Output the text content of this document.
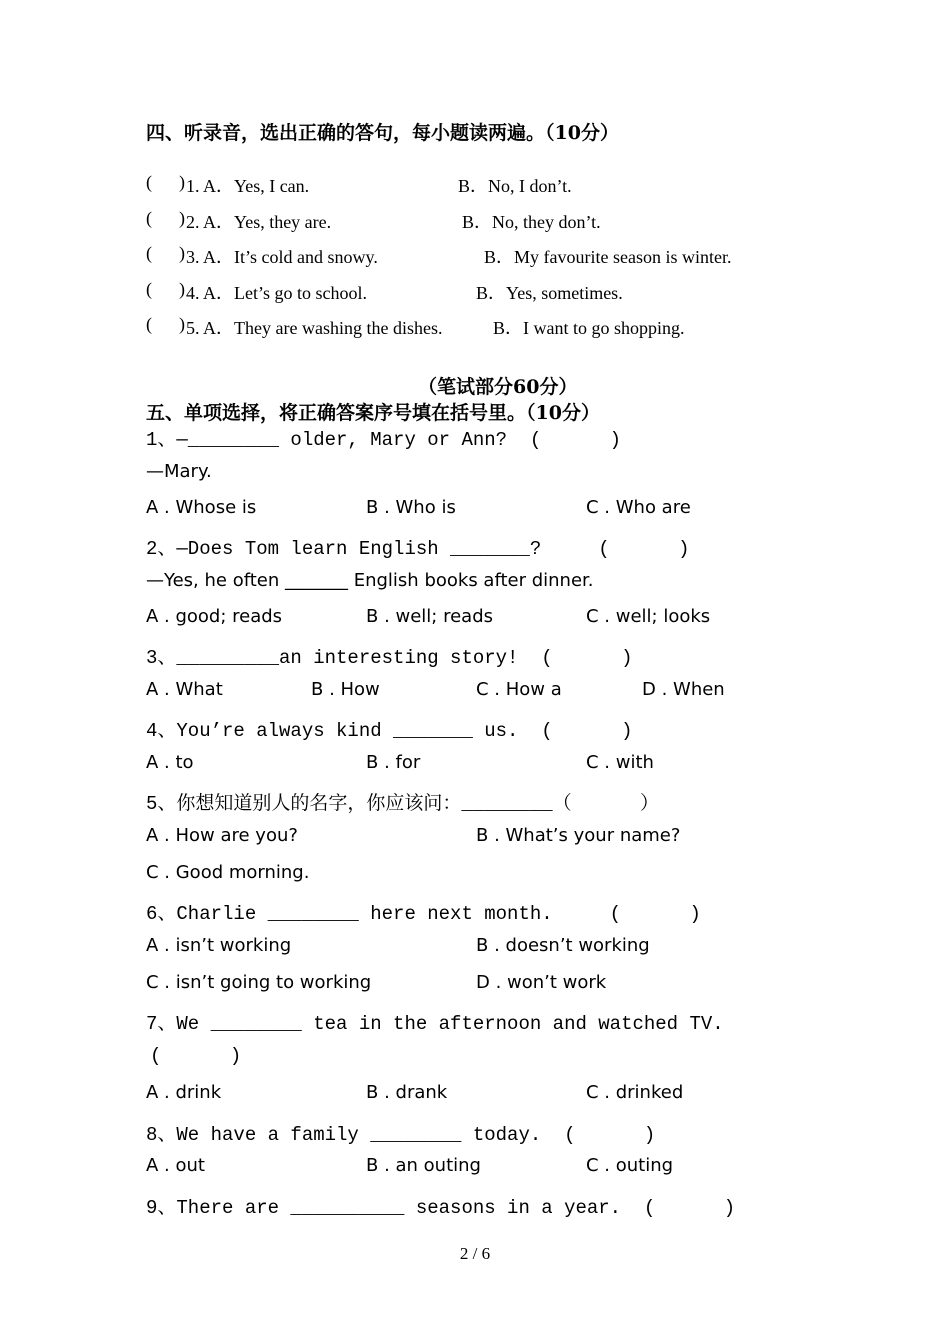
四、听录音，选出正确的答句，每小题读两遍。（10分）
(      ) 1. A．Yes, I can.	B．No, I don’t.
(      ) 2. A．Yes, they are.	B．No, they don’t.
(      ) 3. A．It’s cold and snowy.	B．My favourite season is winter.
(      ) 4. A．Let’s go to school.	B．Yes, sometimes.
(      ) 5. A．They are washing the dishes.	B．I want to go shopping.
（笔试部分60分）
五、单项选择，将正确答案序号填在括号里。（10分）
1、—________ older, Mary or Ann?  (      )
—Mary.
A . Whose is	B . Who is	C . Who are
2、—Does Tom learn English _______?     (      )
—Yes, he often _______ English books after dinner.
A . good; reads	B . well; reads	C . well; looks
3、_________an interesting story!  (      )
A . What	B . How	C . How a	D . When
4、You’re always kind _______ us.  (      )
A . to	B . for	C . with
5、你想知道别人的名字，你应该问：________（      ）
A . How are you?	B . What’s your name?
C . Good morning.
6、Charlie ________ here next month.     (      )
A . isn’t working	B . doesn’t working
C . isn’t going to working	D . won’t work
7、We ________ tea in the afternoon and watched TV.
(      )
A . drink	B . drank	C . drinked
8、We have a family ________ today.  (      )
A . out	B . an outing	C . outing
9、There are __________ seasons in a year.  (      )
2 / 6
